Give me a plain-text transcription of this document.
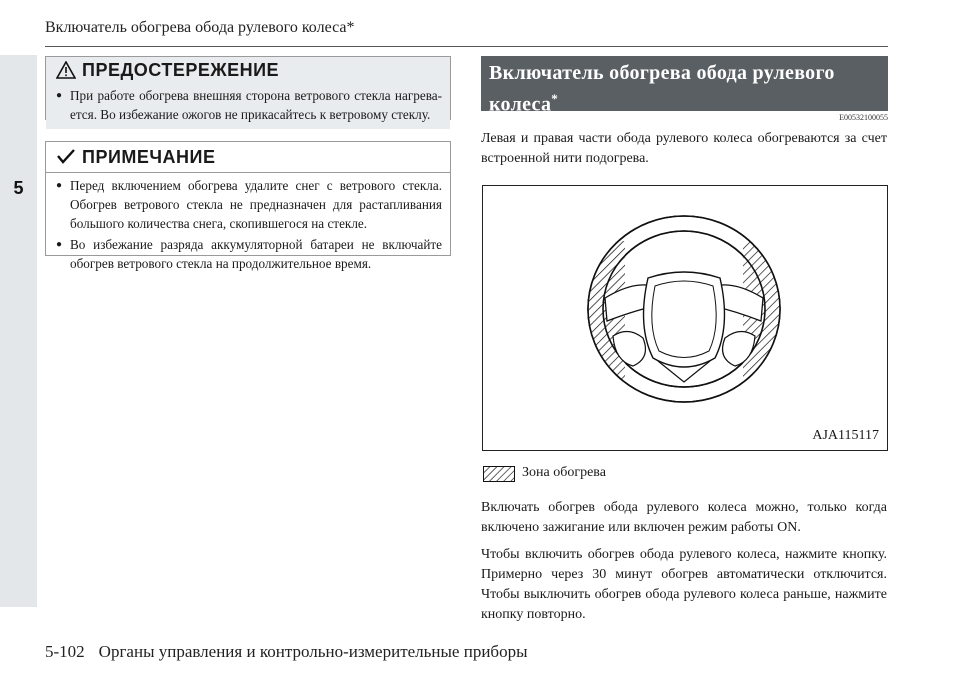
5
Включатель обогрева обода рулевого колеса*
ПРЕДОСТЕРЕЖЕНИЕ
● При работе обогрева внешняя сторона ветрового стекла нагрева-ется. Во избежание ожогов не прикасайтесь к ветровому стеклу.
ПРИМЕЧАНИЕ
● Перед включением обогрева удалите снег с ветрового стекла. Обогрев ветрового стекла не предназначен для растапливания большого количества снега, скопившегося на стекле.
● Во избежание разряда аккумуляторной батареи не включайте обогрев ветрового стекла на продолжительное время.
Включатель обогрева обода рулевого
колеса*
E00532100055
Левая и правая части обода рулевого колеса обогреваются за счет встроенной нити подогрева.
AJA115117
Зона обогрева
Включать обогрев обода рулевого колеса можно, только когда включено зажигание или включен режим работы ON.
Чтобы включить обогрев обода рулевого колеса, нажмите кнопку. Примерно через 30 минут обогрев автоматически отключится. Чтобы выключить обогрев обода рулевого колеса раньше, нажмите кнопку повторно.
5-102 Органы управления и контрольно-измерительные приборы
